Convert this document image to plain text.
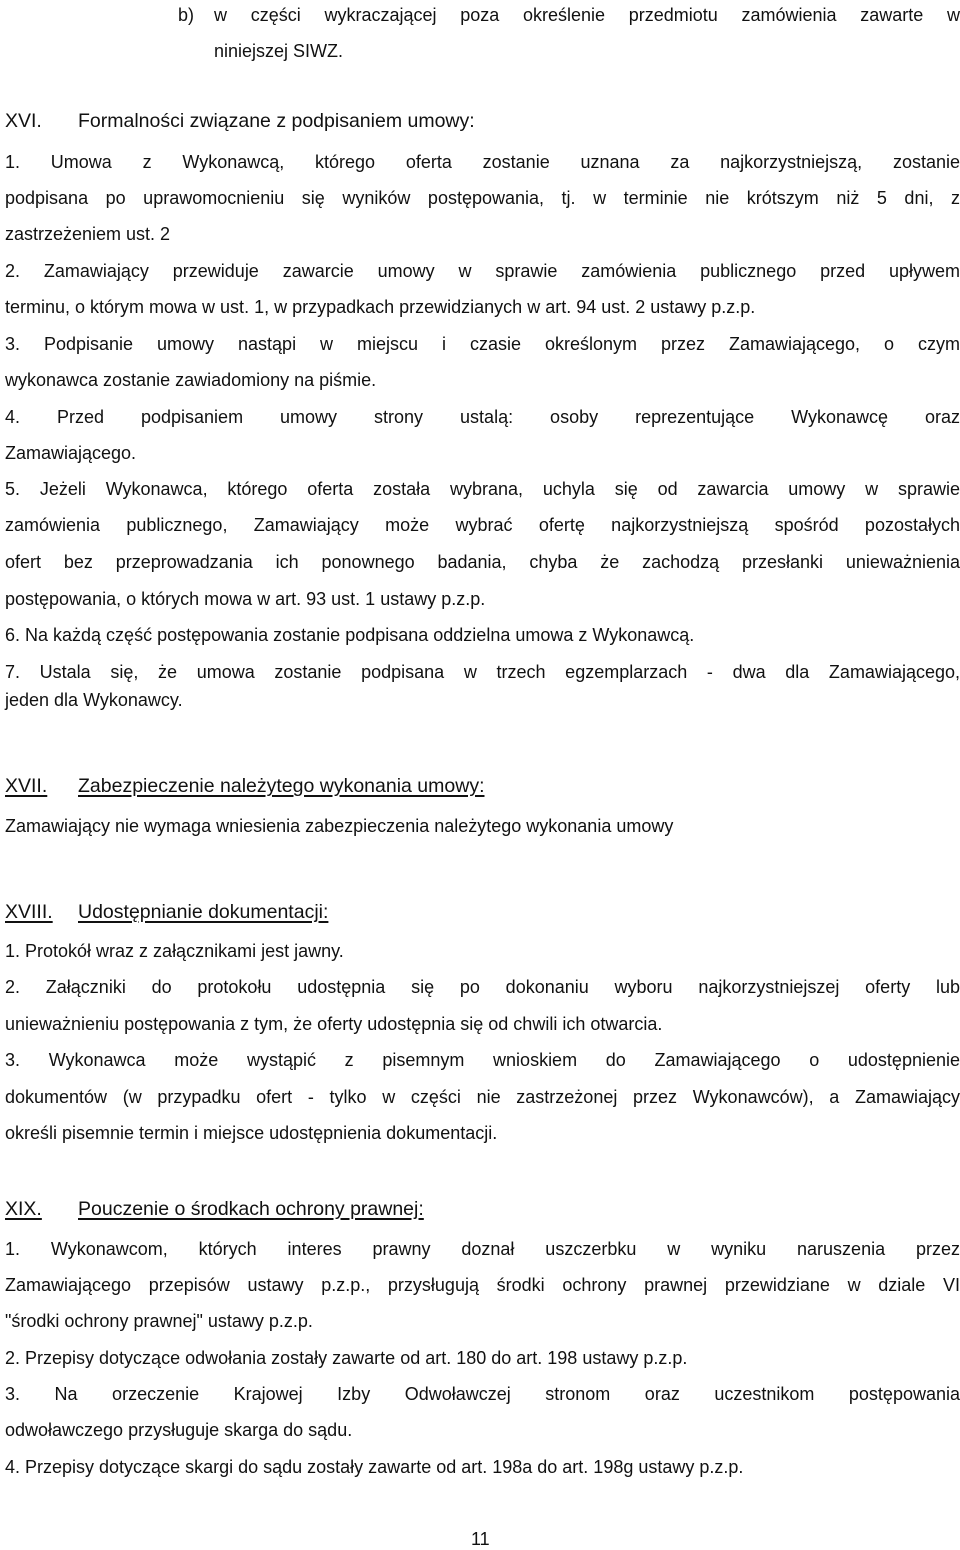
b) w części wykraczającej poza określenie przedmiotu zamówienia zawarte w

niniejszej SIWZ.

XVI. Formalności związane z podpisaniem umowy:

1. Umowa z Wykonawcą, którego oferta zostanie uznana za najkorzystniejszą, zostanie

podpisana po uprawomocnieniu się wyników postępowania, tj. w terminie nie krótszym niż 5 dni, z

zastrzeżeniem ust. 2

2. Zamawiający przewiduje zawarcie umowy w sprawie zamówienia publicznego przed upływem

terminu, o którym mowa w ust. 1, w przypadkach przewidzianych w art. 94 ust. 2 ustawy p.z.p.

3. Podpisanie umowy nastąpi w miejscu i czasie określonym przez Zamawiającego, o czym

wykonawca zostanie zawiadomiony na piśmie.

4. Przed podpisaniem umowy strony ustalą: osoby reprezentujące Wykonawcę oraz

Zamawiającego.

5. Jeżeli Wykonawca, którego oferta została wybrana, uchyla się od zawarcia umowy w sprawie

zamówienia publicznego, Zamawiający może wybrać ofertę najkorzystniejszą spośród pozostałych

ofert bez przeprowadzania ich ponownego badania, chyba że zachodzą przesłanki unieważnienia

postępowania, o których mowa w art. 93 ust. 1 ustawy p.z.p.

6. Na każdą część postępowania zostanie podpisana oddzielna umowa z Wykonawcą.

7. Ustala się, że umowa zostanie podpisana w trzech egzemplarzach - dwa dla Zamawiającego,

jeden dla Wykonawcy.

XVII. Zabezpieczenie należytego wykonania umowy:

Zamawiający nie wymaga wniesienia zabezpieczenia należytego wykonania umowy

XVIII. Udostępnianie dokumentacji:

1. Protokół wraz z załącznikami jest jawny.

2. Załączniki do protokołu udostępnia się po dokonaniu wyboru najkorzystniejszej oferty lub

unieważnieniu postępowania z tym, że oferty udostępnia się od chwili ich otwarcia.

3. Wykonawca może wystąpić z pisemnym wnioskiem do Zamawiającego o udostępnienie

dokumentów (w przypadku ofert - tylko w części nie zastrzeżonej przez Wykonawców), a Zamawiający

określi pisemnie termin i miejsce udostępnienia dokumentacji.

XIX. Pouczenie o środkach ochrony prawnej:

1. Wykonawcom, których interes prawny doznał uszczerbku w wyniku naruszenia przez

Zamawiającego przepisów ustawy p.z.p., przysługują środki ochrony prawnej przewidziane w dziale VI

"środki ochrony prawnej" ustawy p.z.p.

2. Przepisy dotyczące odwołania zostały zawarte od art. 180 do art. 198 ustawy p.z.p.

3. Na orzeczenie Krajowej Izby Odwoławczej stronom oraz uczestnikom postępowania

odwoławczego przysługuje skarga do sądu.

4. Przepisy dotyczące skargi do sądu zostały zawarte od art. 198a do art. 198g ustawy p.z.p.

11
